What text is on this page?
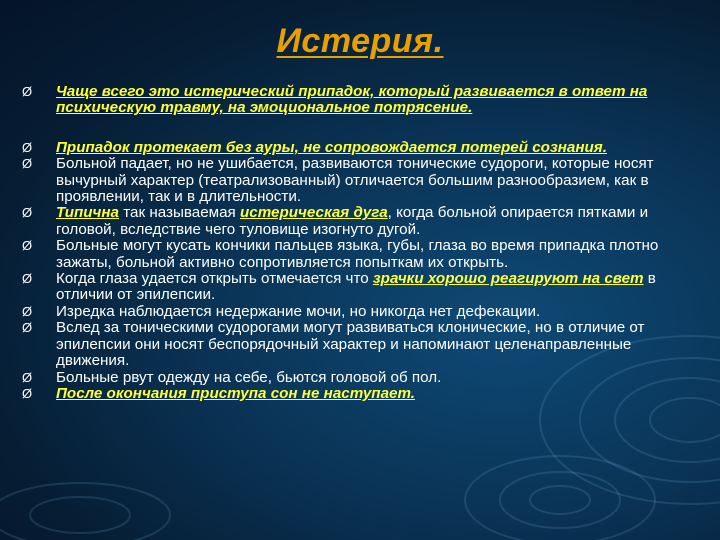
Истерия.
Ø Чаще всего это истерический припадок, который развивается в ответ на психическую травму, на эмоциональное потрясение.
Ø Припадок протекает без ауры, не сопровождается потерей сознания.
Ø Больной падает, но не ушибается, развиваются тонические судороги, которые носят вычурный характер (театрализованный) отличается большим разнообразием, как в проявлении, так и в длительности.
Ø Типична так называемая истерическая дуга, когда больной опирается пятками и головой, вследствие чего туловище изогнуто дугой.
Ø Больные могут кусать кончики пальцев языка, губы, глаза во время припадка плотно зажаты, больной активно сопротивляется попыткам их открыть.
Ø Когда глаза удается открыть отмечается что зрачки хорошо реагируют на свет в отличии от эпилепсии.
Ø Изредка наблюдается недержание мочи, но никогда нет дефекации.
Ø Вслед за тоническими судорогами могут развиваться клонические, но в отличие от эпилепсии они носят беспорядочный характер и напоминают целенаправленные движения.
Ø Больные рвут одежду на себе, бьются головой об пол.
Ø После окончания приступа сон не наступает.
